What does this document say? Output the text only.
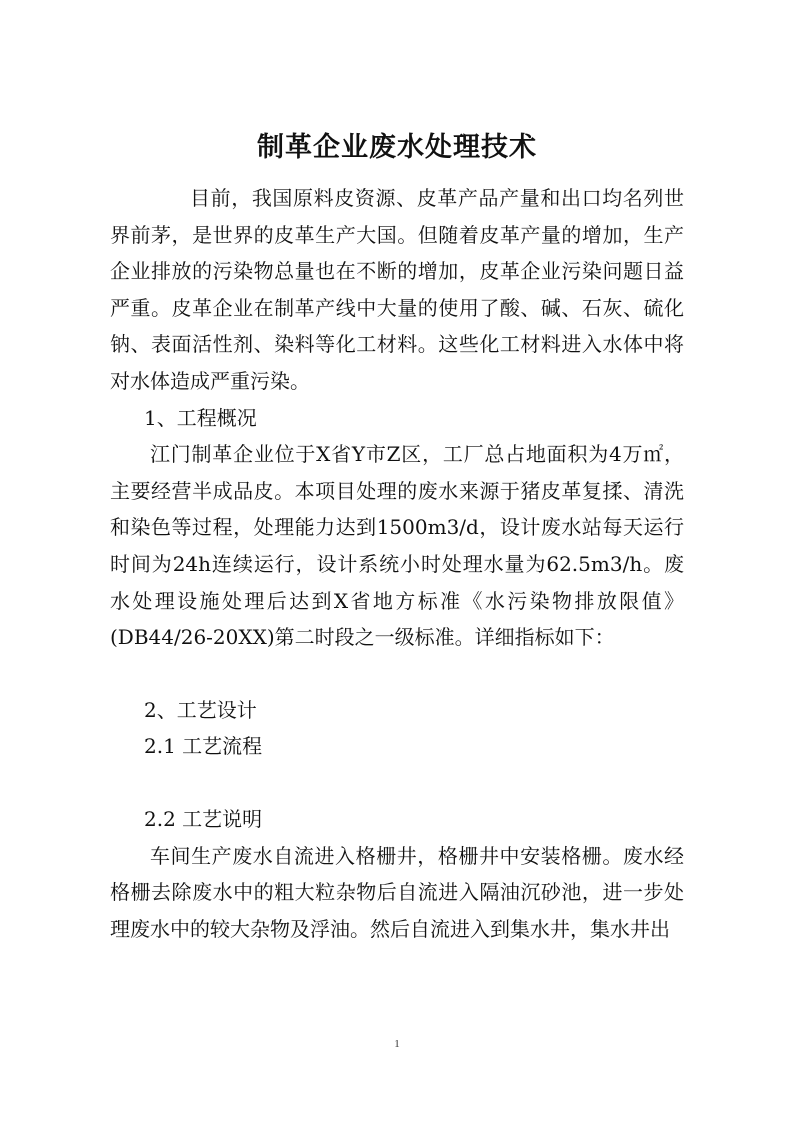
制革企业废水处理技术

目前，我国原料皮资源、皮革产品产量和出口均名列世界前茅，是世界的皮革生产大国。但随着皮革产量的增加，生产企业排放的污染物总量也在不断的增加，皮革企业污染问题日益严重。皮革企业在制革产线中大量的使用了酸、碱、石灰、硫化钠、表面活性剂、染料等化工材料。这些化工材料进入水体中将对水体造成严重污染。

1、工程概况

江门制革企业位于X省Y市Z区，工厂总占地面积为4万㎡，主要经营半成品皮。本项目处理的废水来源于猪皮革复揉、清洗和染色等过程，处理能力达到1500m3/d，设计废水站每天运行时间为24h连续运行，设计系统小时处理水量为62.5m3/h。废水处理设施处理后达到X省地方标准《水污染物排放限值》(DB44/26-20XX)第二时段之一级标准。详细指标如下：

2、工艺设计

2.1 工艺流程

2.2 工艺说明

车间生产废水自流进入格栅井，格栅井中安装格栅。废水经格栅去除废水中的粗大粒杂物后自流进入隔油沉砂池，进一步处理废水中的较大杂物及浮油。然后自流进入到集水井，集水井出

1
